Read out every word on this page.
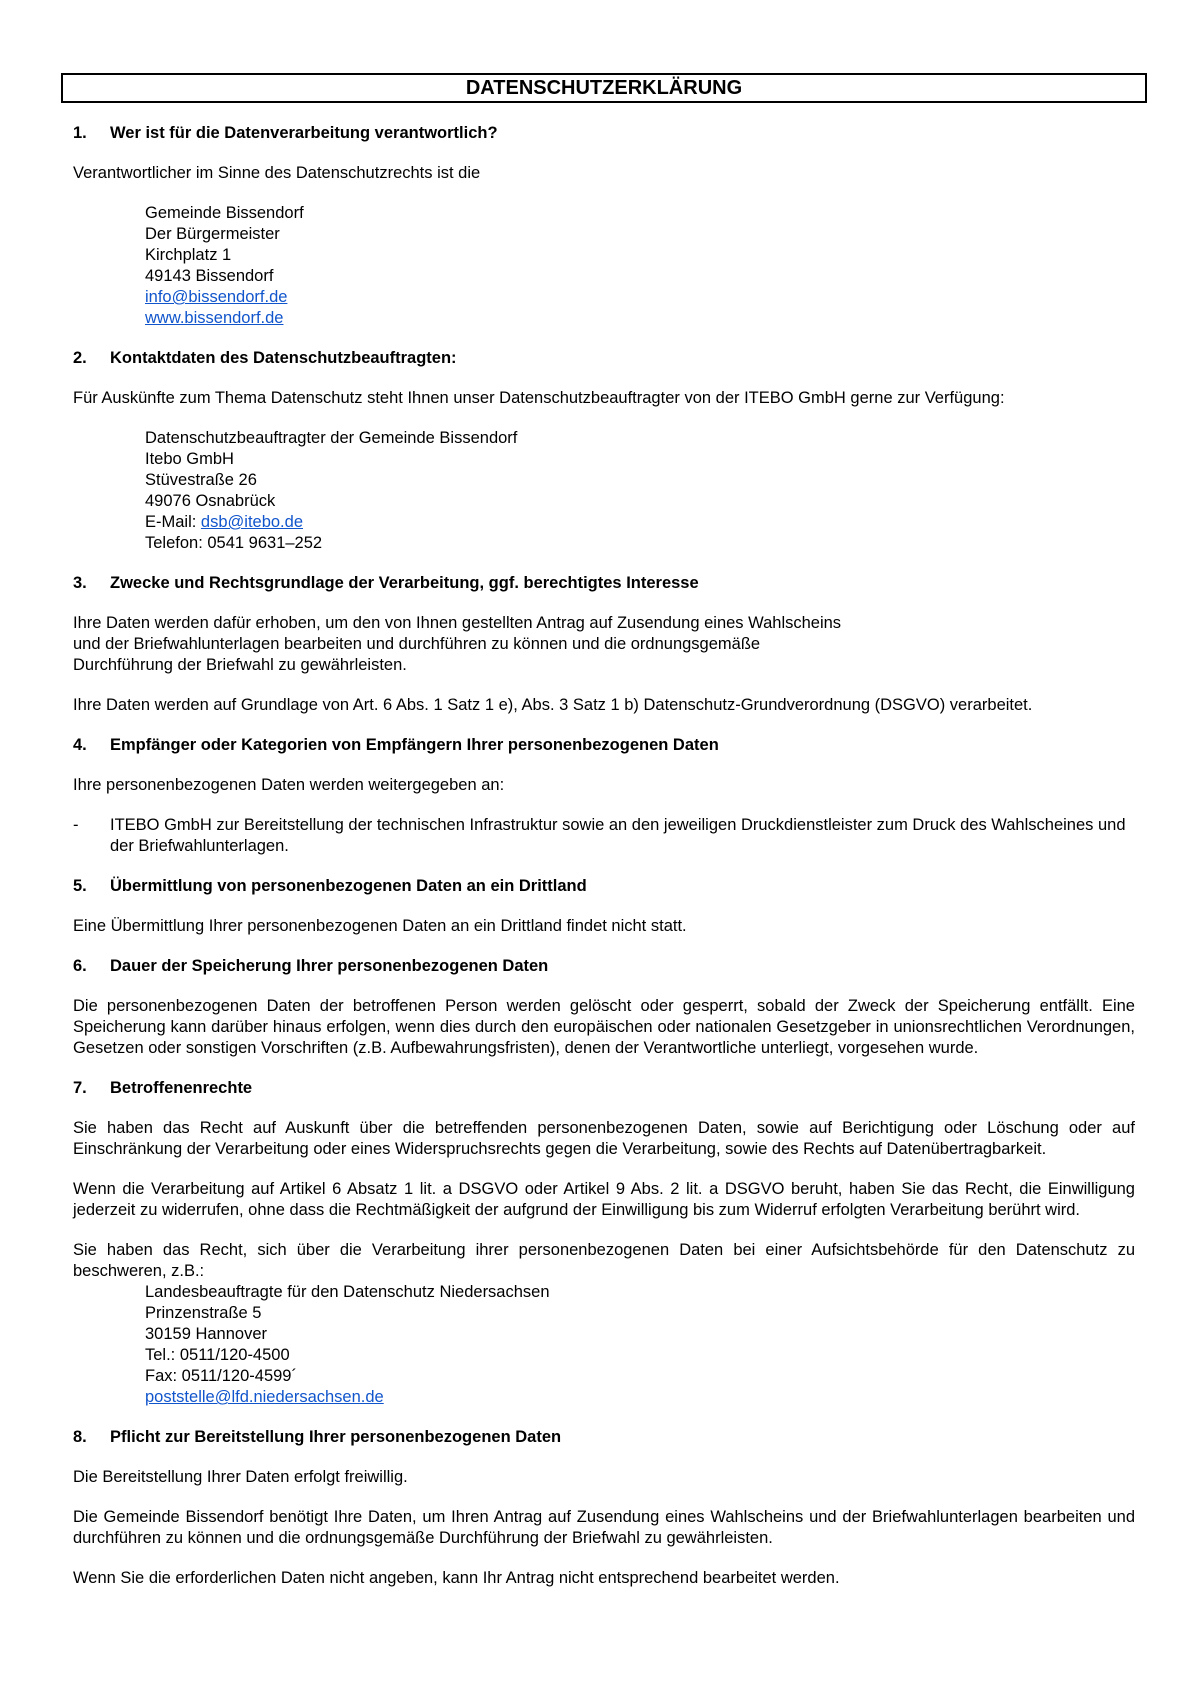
DATENSCHUTZERKLÄRUNG
1.	Wer ist für die Datenverarbeitung verantwortlich?
Verantwortlicher im Sinne des Datenschutzrechts ist die
Gemeinde Bissendorf
Der Bürgermeister
Kirchplatz 1
49143 Bissendorf
info@bissendorf.de
www.bissendorf.de
2.	Kontaktdaten des Datenschutzbeauftragten:
Für Auskünfte zum Thema Datenschutz steht Ihnen unser Datenschutzbeauftragter von der ITEBO GmbH gerne zur Verfügung:
Datenschutzbeauftragter der Gemeinde Bissendorf
Itebo GmbH
Stüvestraße 26
49076 Osnabrück
E-Mail: dsb@itebo.de
Telefon: 0541 9631–252
3.	Zwecke und Rechtsgrundlage der Verarbeitung, ggf. berechtigtes Interesse
Ihre Daten werden dafür erhoben, um den von Ihnen gestellten Antrag auf Zusendung eines Wahlscheins
und der Briefwahlunterlagen bearbeiten und durchführen zu können und die ordnungsgemäße
Durchführung der Briefwahl zu gewährleisten.
Ihre Daten werden auf Grundlage von Art. 6 Abs. 1 Satz 1 e), Abs. 3 Satz 1 b) Datenschutz-Grundverordnung (DSGVO) verarbeitet.
4.	Empfänger oder Kategorien von Empfängern Ihrer personenbezogenen Daten
Ihre personenbezogenen Daten werden weitergegeben an:
-	ITEBO GmbH zur Bereitstellung der technischen Infrastruktur sowie an den jeweiligen Druckdienstleister zum Druck des Wahlscheines und der Briefwahlunterlagen.
5.	Übermittlung von personenbezogenen Daten an ein Drittland
Eine Übermittlung Ihrer personenbezogenen Daten an ein Drittland findet nicht statt.
6.	Dauer der Speicherung Ihrer personenbezogenen Daten
Die personenbezogenen Daten der betroffenen Person werden gelöscht oder gesperrt, sobald der Zweck der Speicherung entfällt. Eine Speicherung kann darüber hinaus erfolgen, wenn dies durch den europäischen oder nationalen Gesetzgeber in unionsrechtlichen Verordnungen, Gesetzen oder sonstigen Vorschriften (z.B. Aufbewahrungsfristen), denen der Verantwortliche unterliegt, vorgesehen wurde.
7.	Betroffenenrechte
Sie haben das Recht auf Auskunft über die betreffenden personenbezogenen Daten, sowie auf Berichtigung oder Löschung oder auf Einschränkung der Verarbeitung oder eines Widerspruchsrechts gegen die Verarbeitung, sowie des Rechts auf Datenübertragbarkeit.
Wenn die Verarbeitung auf Artikel 6 Absatz 1 lit. a DSGVO oder Artikel 9 Abs. 2 lit. a DSGVO beruht, haben Sie das Recht, die Einwilligung jederzeit zu widerrufen, ohne dass die Rechtmäßigkeit der aufgrund der Einwilligung bis zum Widerruf erfolgten Verarbeitung berührt wird.
Sie haben das Recht, sich über die Verarbeitung ihrer personenbezogenen Daten bei einer Aufsichtsbehörde für den Datenschutz zu beschweren, z.B.:
Landesbeauftragte für den Datenschutz Niedersachsen
Prinzenstraße 5
30159 Hannover
Tel.: 0511/120-4500
Fax: 0511/120-4599´
poststelle@lfd.niedersachsen.de
8.	Pflicht zur Bereitstellung Ihrer personenbezogenen Daten
Die Bereitstellung Ihrer Daten erfolgt freiwillig.
Die Gemeinde Bissendorf benötigt Ihre Daten, um Ihren Antrag auf Zusendung eines Wahlscheins und der Briefwahlunterlagen bearbeiten und durchführen zu können und die ordnungsgemäße Durchführung der Briefwahl zu gewährleisten.
Wenn Sie die erforderlichen Daten nicht angeben, kann Ihr Antrag nicht entsprechend bearbeitet werden.
